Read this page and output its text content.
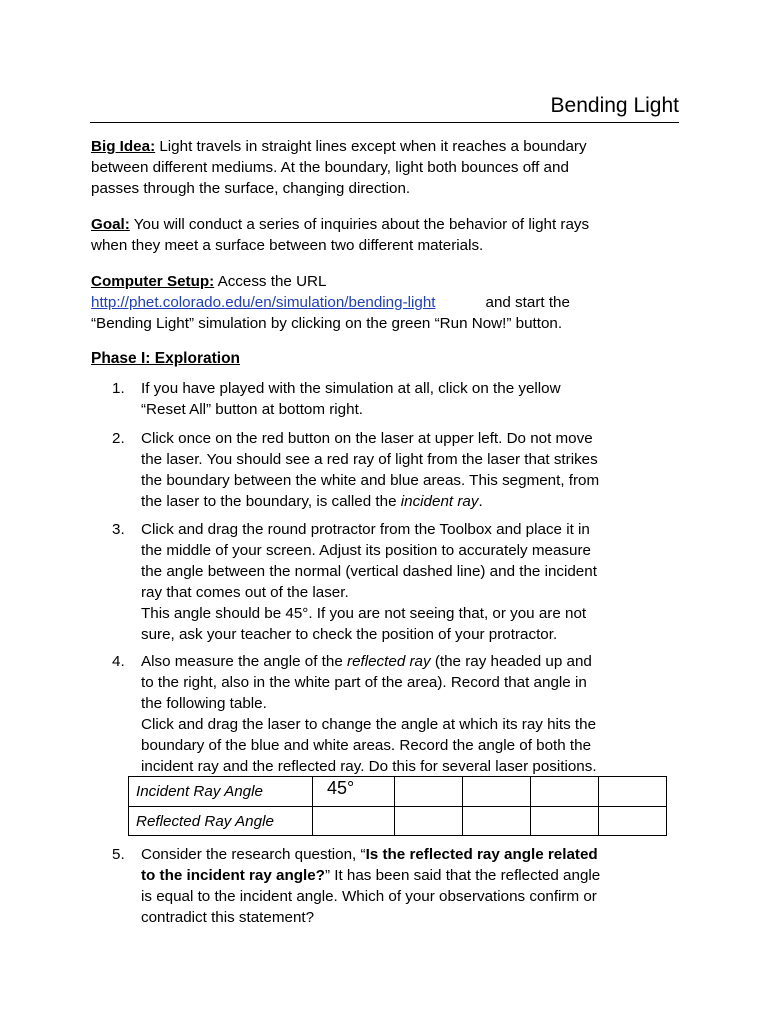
Bending Light
Big Idea: Light travels in straight lines except when it reaches a boundary
between different mediums. At the boundary, light both bounces off and
passes through the surface, changing direction.
Goal: You will conduct a series of inquiries about the behavior of light rays
when they meet a surface between two different materials.
Computer Setup: Access the URL
http://phet.colorado.edu/en/simulation/bending-light	and start the
“Bending Light” simulation by clicking on the green “Run Now!” button.
Phase I: Exploration
1. If you have played with the simulation at all, click on the yellow
“Reset All” button at bottom right.
2. Click once on the red button on the laser at upper left. Do not move
the laser. You should see a red ray of light from the laser that strikes
the boundary between the white and blue areas. This segment, from
the laser to the boundary, is called the incident ray.
3. Click and drag the round protractor from the Toolbox and place it in
the middle of your screen. Adjust its position to accurately measure
the angle between the normal (vertical dashed line) and the incident
ray that comes out of the laser.
This angle should be 45°. If you are not seeing that, or you are not
sure, ask your teacher to check the position of your protractor.
4. Also measure the angle of the reflected ray (the ray headed up and
to the right, also in the white part of the area). Record that angle in
the following table.
Click and drag the laser to change the angle at which its ray hits the
boundary of the blue and white areas. Record the angle of both the
incident ray and the reflected ray. Do this for several laser positions.
Incident Ray Angle	45°				
Reflected Ray Angle					
5. Consider the research question, “Is the reflected ray angle related
to the incident ray angle?” It has been said that the reflected angle
is equal to the incident angle. Which of your observations confirm or
contradict this statement?
